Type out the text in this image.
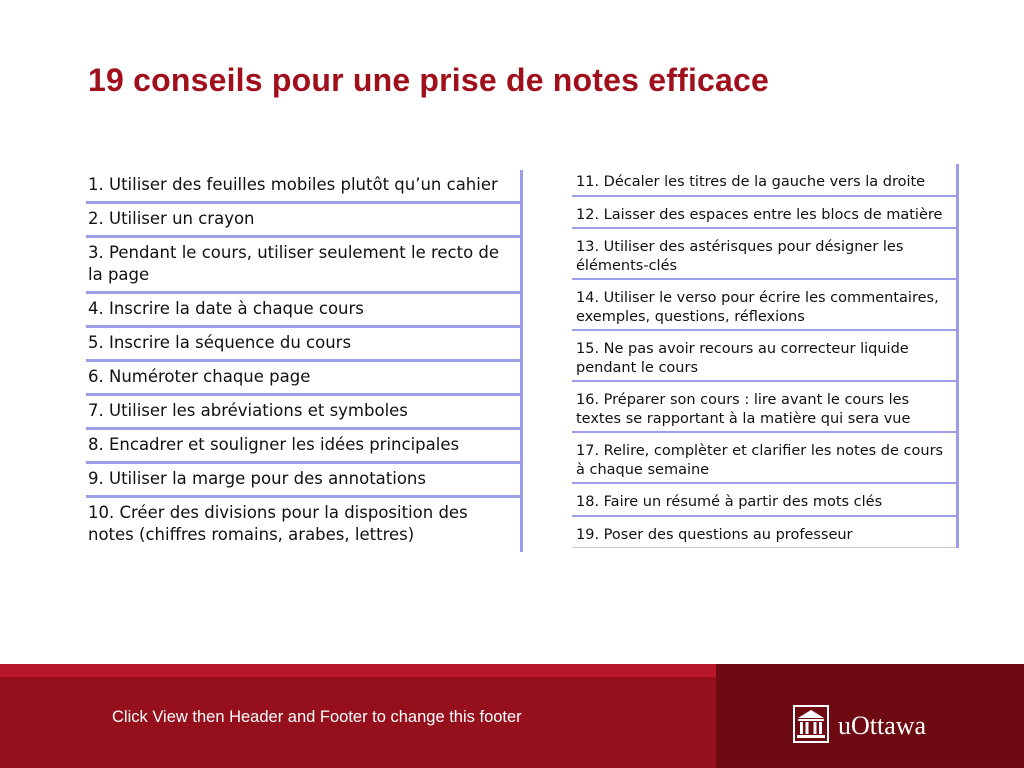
19 conseils pour une prise de notes efficace
1. Utiliser des feuilles mobiles plutôt qu’un cahier
2. Utiliser un crayon
3. Pendant le cours, utiliser seulement le recto de la page
4. Inscrire la date à chaque cours
5. Inscrire la séquence du cours
6. Numéroter chaque page
7. Utiliser les abréviations et symboles
8. Encadrer et souligner les idées principales
9. Utiliser la marge pour des annotations
10. Créer des divisions pour la disposition des notes (chiffres romains, arabes, lettres)
11. Décaler les titres de la gauche vers la droite
12. Laisser des espaces entre les blocs de matière
13. Utiliser des astérisques pour désigner les éléments-clés
14. Utiliser le verso pour écrire les commentaires, exemples, questions, réflexions
15. Ne pas avoir recours au correcteur liquide pendant le cours
16. Préparer son cours : lire avant le cours les textes se rapportant à la matière qui sera vue
17. Relire, complèter et clarifier les notes de cours à chaque semaine
18. Faire un résumé à partir des mots clés
19. Poser des questions au professeur

Click View then Header and Footer to change this footer	uOttawa
